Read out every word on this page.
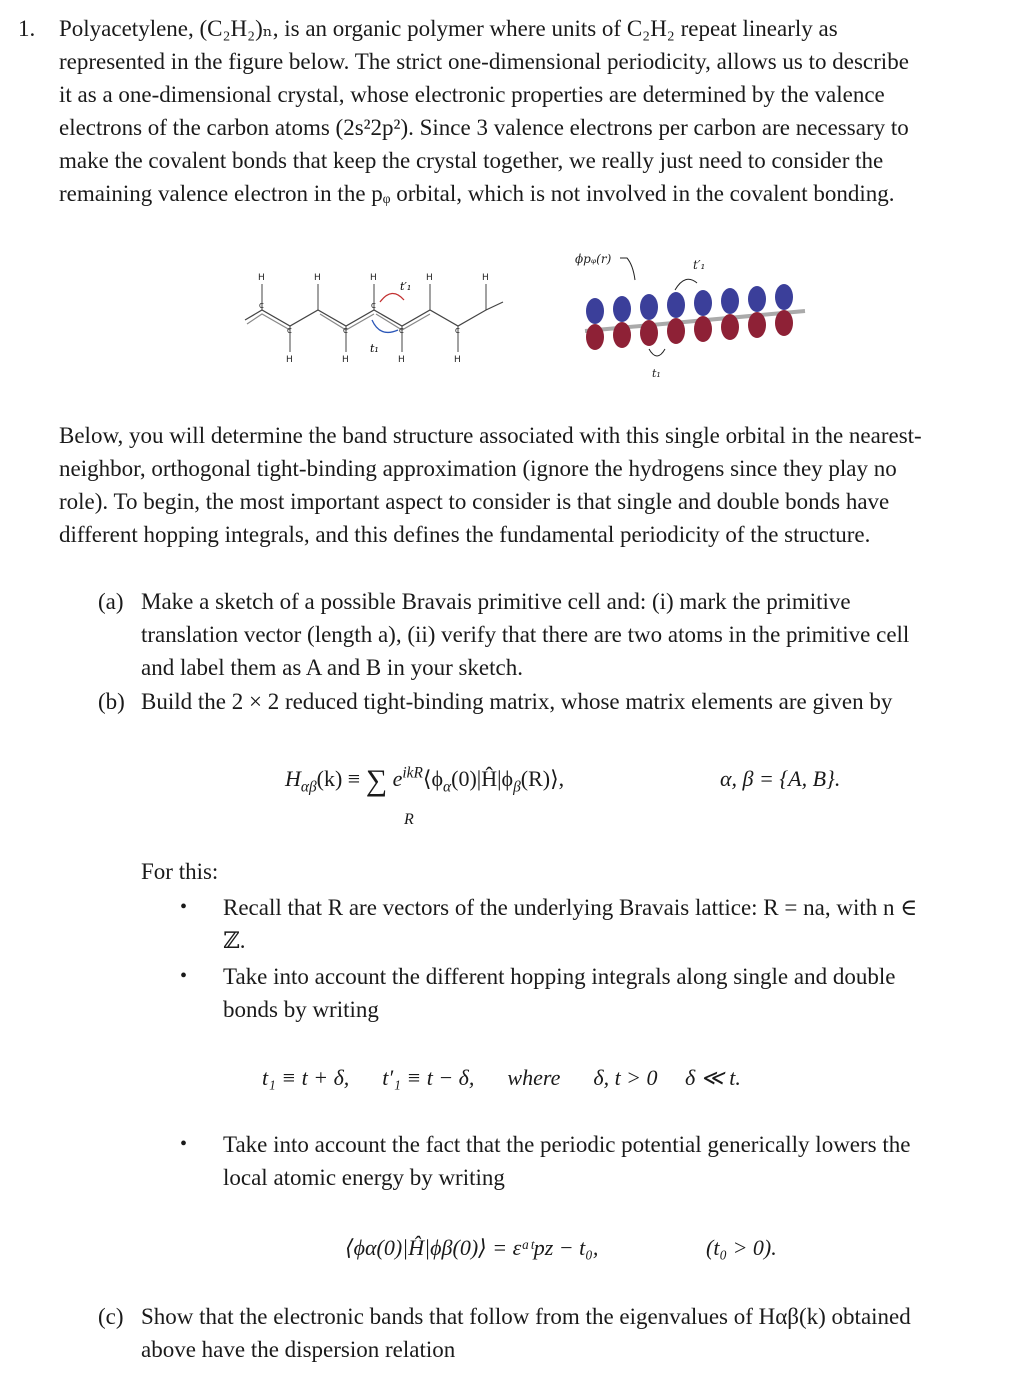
1. Polyacetylene, (C₂H₂)ₙ, is an organic polymer where units of C₂H₂ repeat linearly as

represented in the figure below. The strict one-dimensional periodicity, allows us to describe

it as a one-dimensional crystal, whose electronic properties are determined by the valence

electrons of the carbon atoms (2s²2p²). Since 3 valence electrons per carbon are necessary to

make the covalent bonds that keep the crystal together, we really just need to consider the

remaining valence electron in the pᵩ orbital, which is not involved in the covalent bonding.

H	H	H	H	H
H	H	H	H
C
C	C
C
C	C
t₁
t′₁
ϕpᵩ(r)	t′₁
t₁

Below, you will determine the band structure associated with this single orbital in the nearest-

neighbor, orthogonal tight-binding approximation (ignore the hydrogens since they play no

role). To begin, the most important aspect to consider is that single and double bonds have

different hopping integrals, and this defines the fundamental periodicity of the structure.

(a) Make a sketch of a possible Bravais primitive cell and: (i) mark the primitive

translation vector (length a), (ii) verify that there are two atoms in the primitive cell

and label them as A and B in your sketch.

(b) Build the 2 × 2 reduced tight-binding matrix, whose matrix elements are given by

$H_{\alpha\beta}(k)$ ≡ ∑ $e^{ikR}⟨\phi_\alpha(0)|Ĥ|\phi_\beta(R)⟩$,
R
α, β = {A, B}.
For this:
• Recall that R are vectors of the underlying Bravais lattice: R = na, with n ∈

ℤ.

• Take into account the different hopping integrals along single and double

bonds by writing

t₁ ≡ t + δ,      t′₁ ≡ t − δ,      where      δ, t > 0     δ ≪ t.
• Take into account the fact that the periodic potential generically lowers the

local atomic energy by writing

⟨ϕα(0)|Ĥ|ϕβ(0)⟩ = εᵃᵗpz − t₀,	(t₀ > 0).
(c) Show that the electronic bands that follow from the eigenvalues of Hαβ(k) obtained

above have the dispersion relation
